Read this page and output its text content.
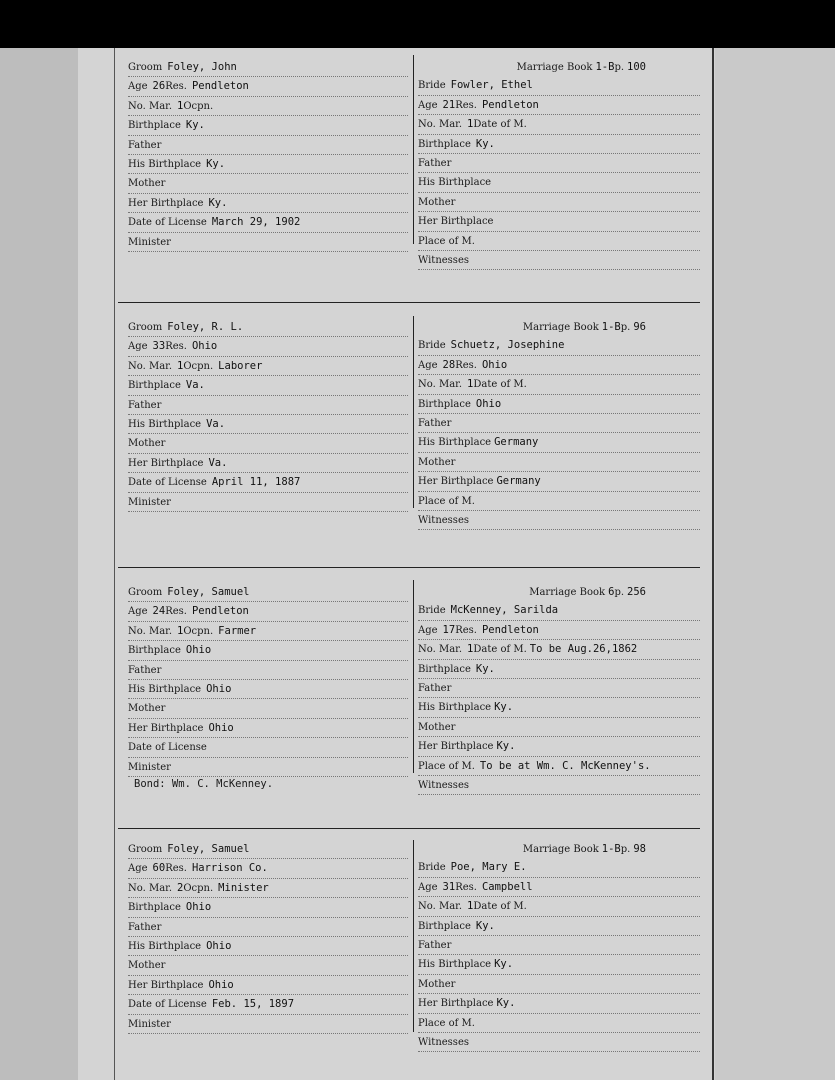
Groom Foley, John
Age 26Res. Pendleton
No. Mar. 1Ocpn.
Birthplace Ky.
Father
His Birthplace Ky.
Mother
Her Birthplace Ky.
Date of License March 29, 1902
Minister
Marriage Book 1-Bp. 100
Bride Fowler, Ethel
Age 21Res. Pendleton
No. Mar. 1Date of M.
Birthplace Ky.
Father
His Birthplace
Mother
Her Birthplace
Place of M.
Witnesses
Groom Foley, R. L.
Age 33Res. Ohio
No. Mar. 1Ocpn. Laborer
Birthplace Va.
Father
His Birthplace Va.
Mother
Her Birthplace Va.
Date of License April 11, 1887
Minister
Marriage Book 1-Bp. 96
Bride Schuetz, Josephine
Age 28Res. Ohio
No. Mar. 1Date of M.
Birthplace Ohio
Father
His Birthplace Germany
Mother
Her Birthplace Germany
Place of M.
Witnesses
Groom Foley, Samuel
Age 24Res. Pendleton
No. Mar. 1Ocpn. Farmer
Birthplace Ohio
Father
His Birthplace Ohio
Mother
Her Birthplace Ohio
Date of License
Minister
Marriage Book 6p. 256
Bride McKenney, Sarilda
Age 17Res. Pendleton
No. Mar. 1Date of M. To be Aug.26,1862
Birthplace Ky.
Father
His Birthplace Ky.
Mother
Her Birthplace Ky.
Place of M. To be at Wm. C. McKenney's.
Witnesses
Bond: Wm. C. McKenney.
Groom Foley, Samuel
Age 60Res. Harrison Co.
No. Mar. 2Ocpn. Minister
Birthplace Ohio
Father
His Birthplace Ohio
Mother
Her Birthplace Ohio
Date of License Feb. 15, 1897
Minister
Marriage Book 1-Bp. 98
Bride Poe, Mary E.
Age 31Res. Campbell
No. Mar. 1Date of M.
Birthplace Ky.
Father
His Birthplace Ky.
Mother
Her Birthplace Ky.
Place of M.
Witnesses
